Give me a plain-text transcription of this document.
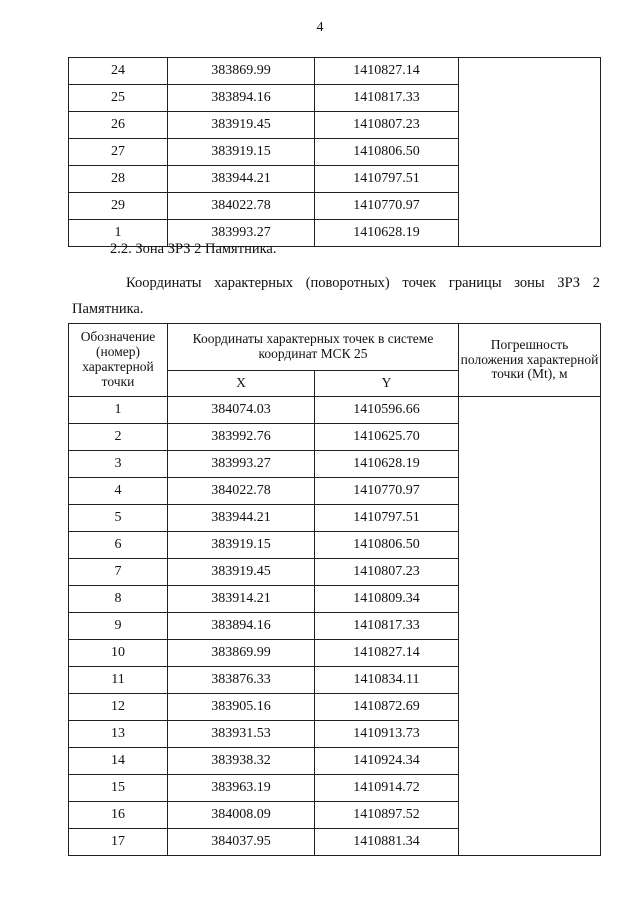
4
24	383869.99	1410827.14	
25	383894.16	1410817.33	
26	383919.45	1410807.23	
27	383919.15	1410806.50	
28	383944.21	1410797.51	
29	384022.78	1410770.97	
1	383993.27	1410628.19	

2.2. Зона ЗРЗ 2 Памятника.

Координаты характерных (поворотных) точек границы зоны ЗРЗ 2

Памятника.

Обозначение (номер) характерной точки	Координаты характерных точек в системе координат МСК 25		Погрешность положения характерной точки (Mt), м
	X	Y	
1	384074.03	1410596.66	
2	383992.76	1410625.70	
3	383993.27	1410628.19	
4	384022.78	1410770.97	
5	383944.21	1410797.51	
6	383919.15	1410806.50	
7	383919.45	1410807.23	
8	383914.21	1410809.34	
9	383894.16	1410817.33	
10	383869.99	1410827.14	
11	383876.33	1410834.11	
12	383905.16	1410872.69	
13	383931.53	1410913.73	
14	383938.32	1410924.34	
15	383963.19	1410914.72	
16	384008.09	1410897.52	
17	384037.95	1410881.34	
